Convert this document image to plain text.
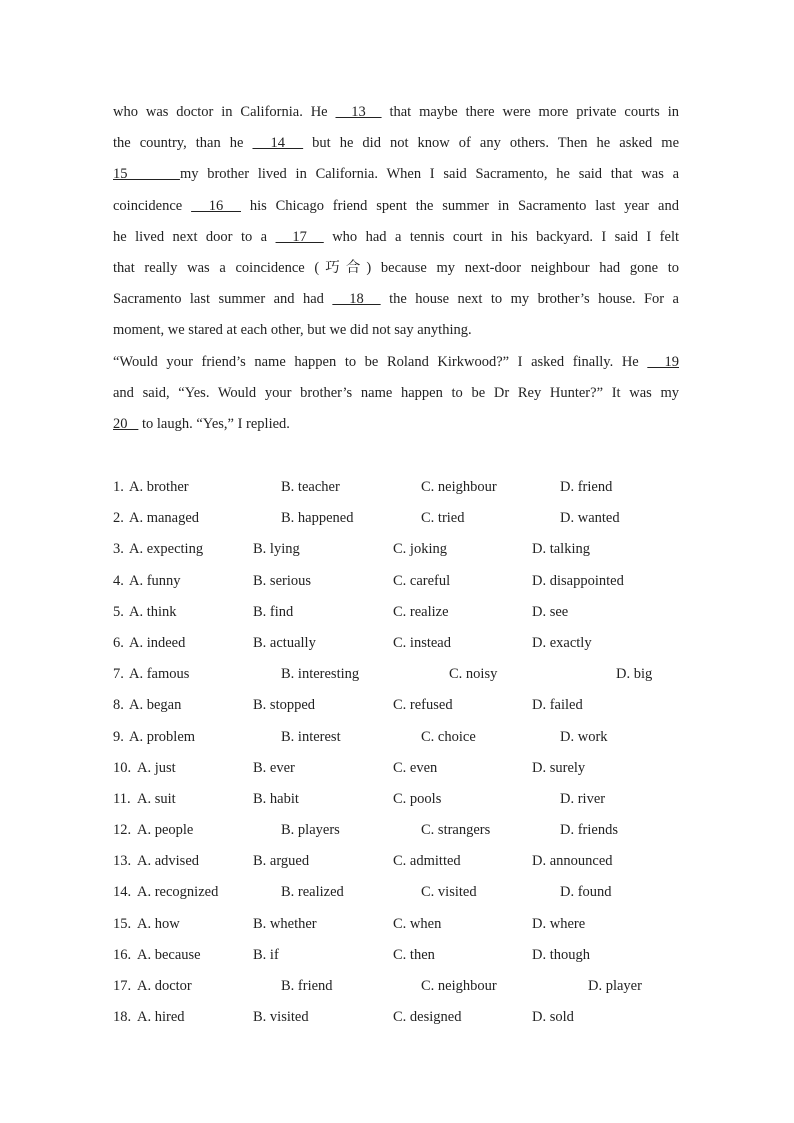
who was doctor in California. He   13   that maybe there were more private courts in
the country, than he   14   but he did not know of any others. Then he asked me
15	my brother lived in California. When I said Sacramento, he said that was a
coincidence   16   his Chicago friend spent the summer in Sacramento last year and
he lived next door to a   17   who had a tennis court in his backyard. I said I felt
that really was a coincidence (巧合) because my next-door neighbour had gone to
Sacramento last summer and had   18   the house next to my brother’s house. For a
moment, we stared at each other, but we did not say anything.
“Would your friend’s name happen to be Roland Kirkwood?” I asked finally. He   19
and said, “Yes. Would your brother’s name happen to be Dr Rey Hunter?” It was my
20    to laugh. “Yes,” I replied.
1. A. brother	B. teacher	C. neighbour	D. friend
2. A. managed	B. happened	C. tried	D. wanted
3. A. expecting	B. lying	C. joking	D. talking
4. A. funny	B. serious	C. careful	D. disappointed
5. A. think	B. find	C. realize	D. see
6. A. indeed	B. actually	C. instead	D. exactly
7. A. famous	B. interesting	C. noisy	D. big
8. A. began	B. stopped	C. refused	D. failed
9. A. problem	B. interest	C. choice	D. work
10. A. just	B. ever	C. even	D. surely
11. A. suit	B. habit	C. pools	D. river
12. A. people	B. players	C. strangers	D. friends
13. A. advised	B. argued	C. admitted	D. announced
14. A. recognized	B. realized	C. visited	D. found
15. A. how	B. whether	C. when	D. where
16. A. because	B. if	C. then	D. though
17. A. doctor	B. friend	C. neighbour	D. player
18. A. hired	B. visited	C. designed	D. sold
